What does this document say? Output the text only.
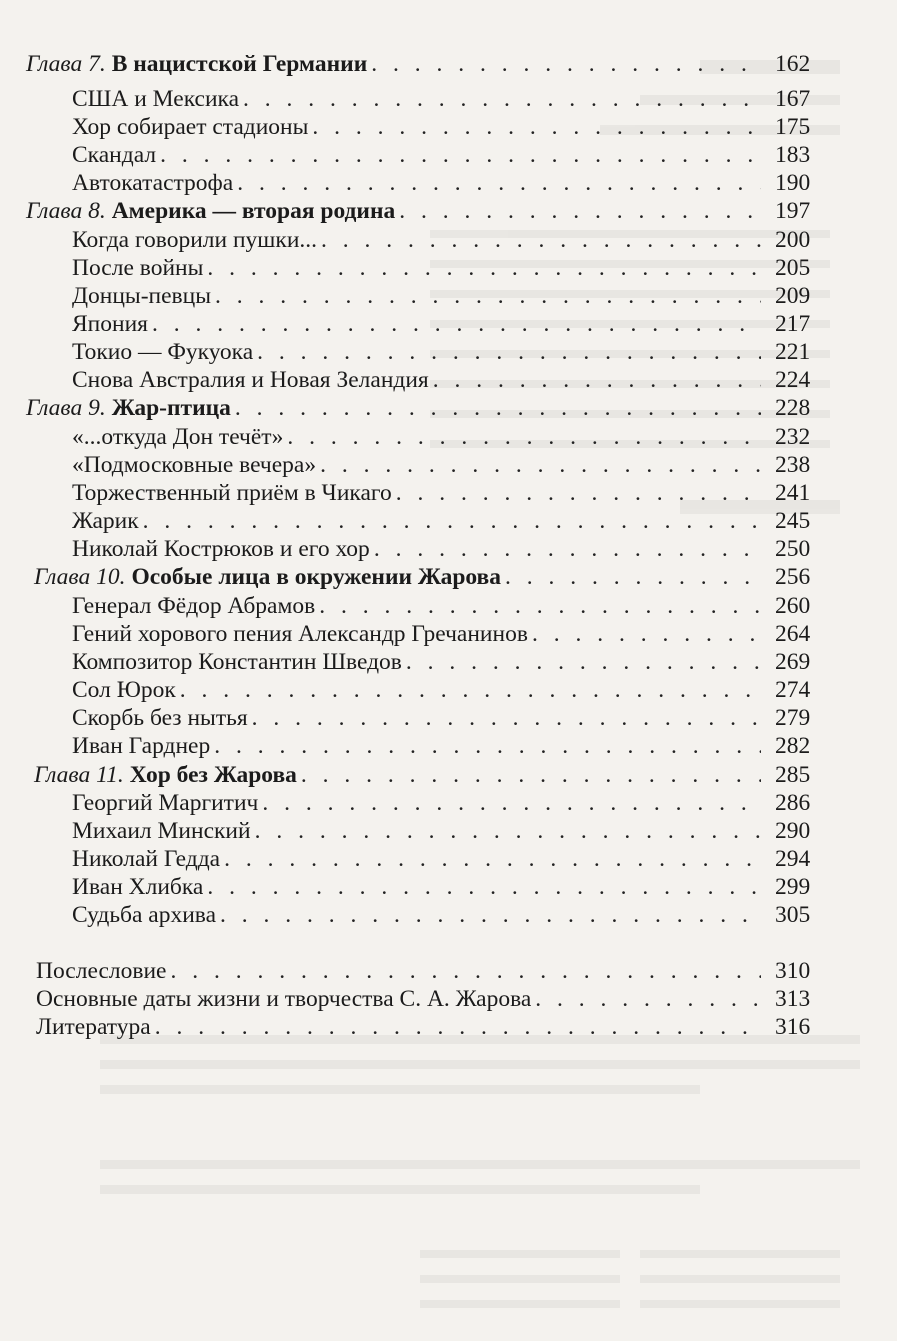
Глава 7. В нацистской Германии . . .	162
США и Мексика . . .	167
Хор собирает стадионы . . .	175
Скандал . . .	183
Автокатастрофа . . .	190
Глава 8. Америка — вторая родина . . .	197
Когда говорили пушки... . . .	200
После войны . . .	205
Донцы-певцы . . .	209
Япония . . .	217
Токио — Фукуока . . .	221
Снова Австралия и Новая Зеландия . . .	224
Глава 9. Жар-птица . . .	228
«...откуда Дон течёт» . . .	232
«Подмосковные вечера» . . .	238
Торжественный приём в Чикаго . . .	241
Жарик . . .	245
Николай Кострюков и его хор . . .	250
Глава 10. Особые лица в окружении Жарова . . .	256
Генерал Фёдор Абрамов . . .	260
Гений хорового пения Александр Гречанинов . . .	264
Композитор Константин Шведов . . .	269
Сол Юрок . . .	274
Скорбь без нытья . . .	279
Иван Гарднер . . .	282
Глава 11. Хор без Жарова . . .	285
Георгий Маргитич . . .	286
Михаил Минский . . .	290
Николай Гедда . . .	294
Иван Хлибка . . .	299
Судьба архива . . .	305
Послесловие . . .	310
Основные даты жизни и творчества С. А. Жарова . . .	313
Литература . . .	316
